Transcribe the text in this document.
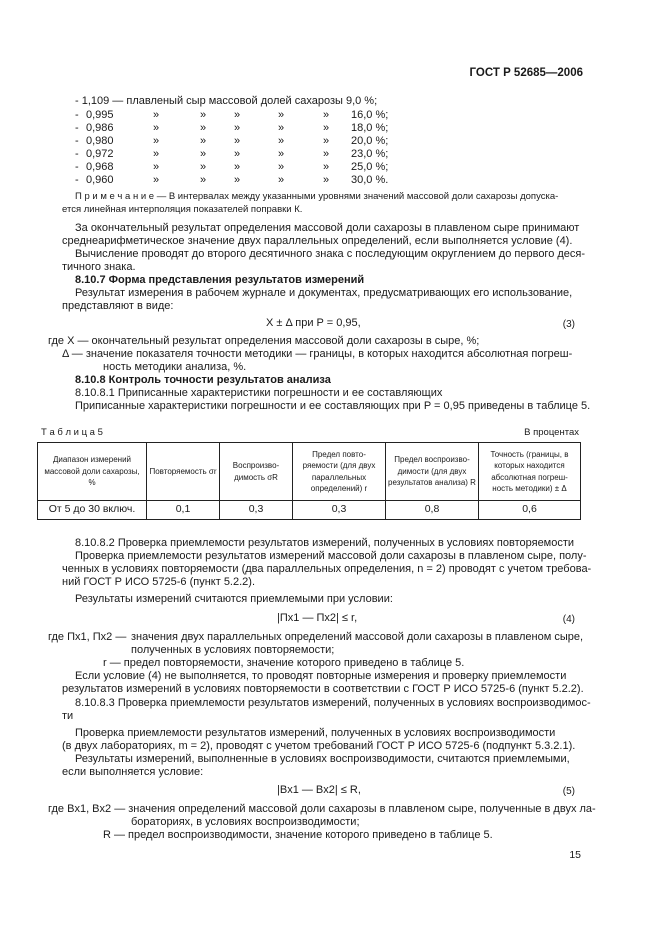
ГОСТ Р 52685—2006
- 1,109 — плавленый сыр массовой долей сахарозы 9,0 %;
- 0,995	»	»	»	»	» 16,0 %;
- 0,986	»	»	»	»	» 18,0 %;
- 0,980	»	»	»	»	» 20,0 %;
- 0,972	»	»	»	»	» 23,0 %;
- 0,968	»	»	»	»	» 25,0 %;
- 0,960	»	»	»	»	» 30,0 %.
П р и м е ч а н и е — В интервалах между указанными уровнями значений массовой доли сахарозы допуска-
ется линейная интерполяция показателей поправки К.
За окончательный результат определения массовой доли сахарозы в плавленом сыре принимают
среднеарифметическое значение двух параллельных определений, если выполняется условие (4).
Вычисление проводят до второго десятичного знака с последующим округлением до первого деся-
тичного знака.
8.10.7 Форма представления результатов измерений
Результат измерения в рабочем журнале и документах, предусматривающих его использование,
представляют в виде:
X ± Δ при P = 0,95,	(3)
где X — окончательный результат определения массовой доли сахарозы в сыре, %;
Δ — значение показателя точности методики — границы, в которых находится абсолютная погреш-
ность методики анализа, %.
8.10.8 Контроль точности результатов анализа
8.10.8.1 Приписанные характеристики погрешности и ее составляющих
Приписанные характеристики погрешности и ее составляющих при P = 0,95 приведены в таблице 5.
Т а б л и ц а 5	В процентах
Диапазон измерений массовой доли сахарозы, %	Повторяемость σr	Воспроизво-димость σR	Предел повто-ряемости (для двух параллельных определений) r	Предел воспроизво-димости (для двух результатов анализа) R	Точность (границы, в которых находится абсолютная погреш-ность методики) ± Δ
От 5 до 30 включ.	0,1	0,3	0,3	0,8	0,6
8.10.8.2 Проверка приемлемости результатов измерений, полученных в условиях повторяемости
Проверка приемлемости результатов измерений массовой доли сахарозы в плавленом сыре, полу-
ченных в условиях повторяемости (два параллельных определения, n = 2) проводят с учетом требова-
ний ГОСТ Р ИСО 5725-6 (пункт 5.2.2).
Результаты измерений считаются приемлемыми при условии:
|Пx1 — Пx2| ≤ r,	(4)
где Пx1, Пx2 — значения двух параллельных определений массовой доли сахарозы в плавленом сыре,
полученных в условиях повторяемости;
r — предел повторяемости, значение которого приведено в таблице 5.
Если условие (4) не выполняется, то проводят повторные измерения и проверку приемлемости
результатов измерений в условиях повторяемости в соответствии с ГОСТ Р ИСО 5725-6 (пункт 5.2.2).
8.10.8.3 Проверка приемлемости результатов измерений, полученных в условиях воспроизводимос-
ти
Проверка приемлемости результатов измерений, полученных в условиях воспроизводимости
(в двух лабораториях, m = 2), проводят с учетом требований ГОСТ Р ИСО 5725-6 (подпункт 5.3.2.1).
Результаты измерений, выполненные в условиях воспроизводимости, считаются приемлемыми,
если выполняется условие:
|Bx1 — Bx2| ≤ R,	(5)
где Bx1, Bx2 — значения определений массовой доли сахарозы в плавленом сыре, полученные в двух ла-
бораториях, в условиях воспроизводимости;
R — предел воспроизводимости, значение которого приведено в таблице 5.
15
